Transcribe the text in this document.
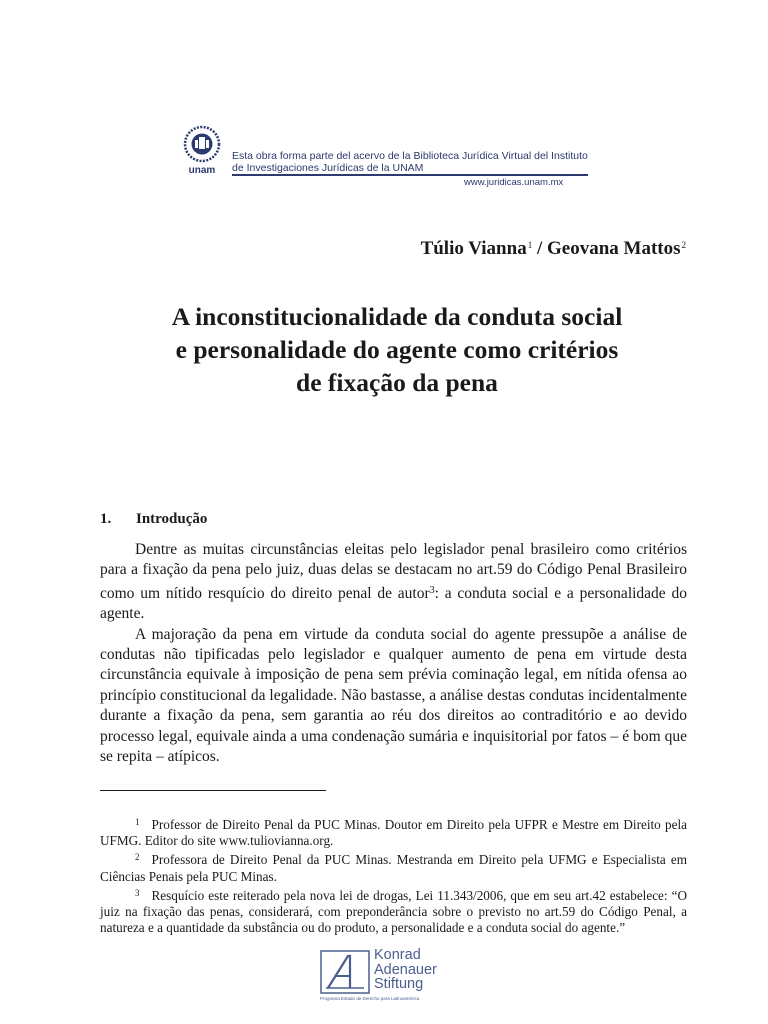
unam
Esta obra forma parte del acervo de la Biblioteca Jurídica Virtual del Instituto
de Investigaciones Jurídicas de la UNAM
www.juridicas.unam.mx
Túlio Vianna$^1$ / Geovana Mattos$^2$
A inconstitucionalidade da conduta social
e personalidade do agente como critérios
de fixação da pena
1. Introdução

Dentre as muitas circunstâncias eleitas pelo legislador penal brasileiro como critérios para a fixação da pena pelo juiz, duas delas se destacam no art.59 do Código Penal Brasileiro como um nítido resquício do direito penal de autor$^3$: a conduta social e a personalidade do agente.

A majoração da pena em virtude da conduta social do agente pressupõe a análise de condutas não tipificadas pelo legislador e qualquer aumento de pena em virtude desta circunstância equivale à imposição de pena sem prévia cominação legal, em nítida ofensa ao princípio constitucional da legalidade. Não bastasse, a análise destas condutas incidentalmente durante a fixação da pena, sem garantia ao réu dos direitos ao contraditório e ao devido processo legal, equivale ainda a uma condenação sumária e inquisitorial por fatos – é bom que se repita – atípicos.

$^1$ Professor de Direito Penal da PUC Minas. Doutor em Direito pela UFPR e Mestre em Direito pela UFMG. Editor do site www.tuliovianna.org.

$^2$ Professora de Direito Penal da PUC Minas. Mestranda em Direito pela UFMG e Especialista em Ciências Penais pela PUC Minas.

$^3$ Resquício este reiterado pela nova lei de drogas, Lei 11.343/2006, que em seu art.42 estabelece: “O juiz na fixação das penas, considerará, com preponderância sobre o previsto no art.59 do Código Penal, a natureza e a quantidade da substância ou do produto, a personalidade e a conduta social do agente.”

Konrad
Adenauer
Stiftung
Programa Estado de Derecho para Latinoamérica
